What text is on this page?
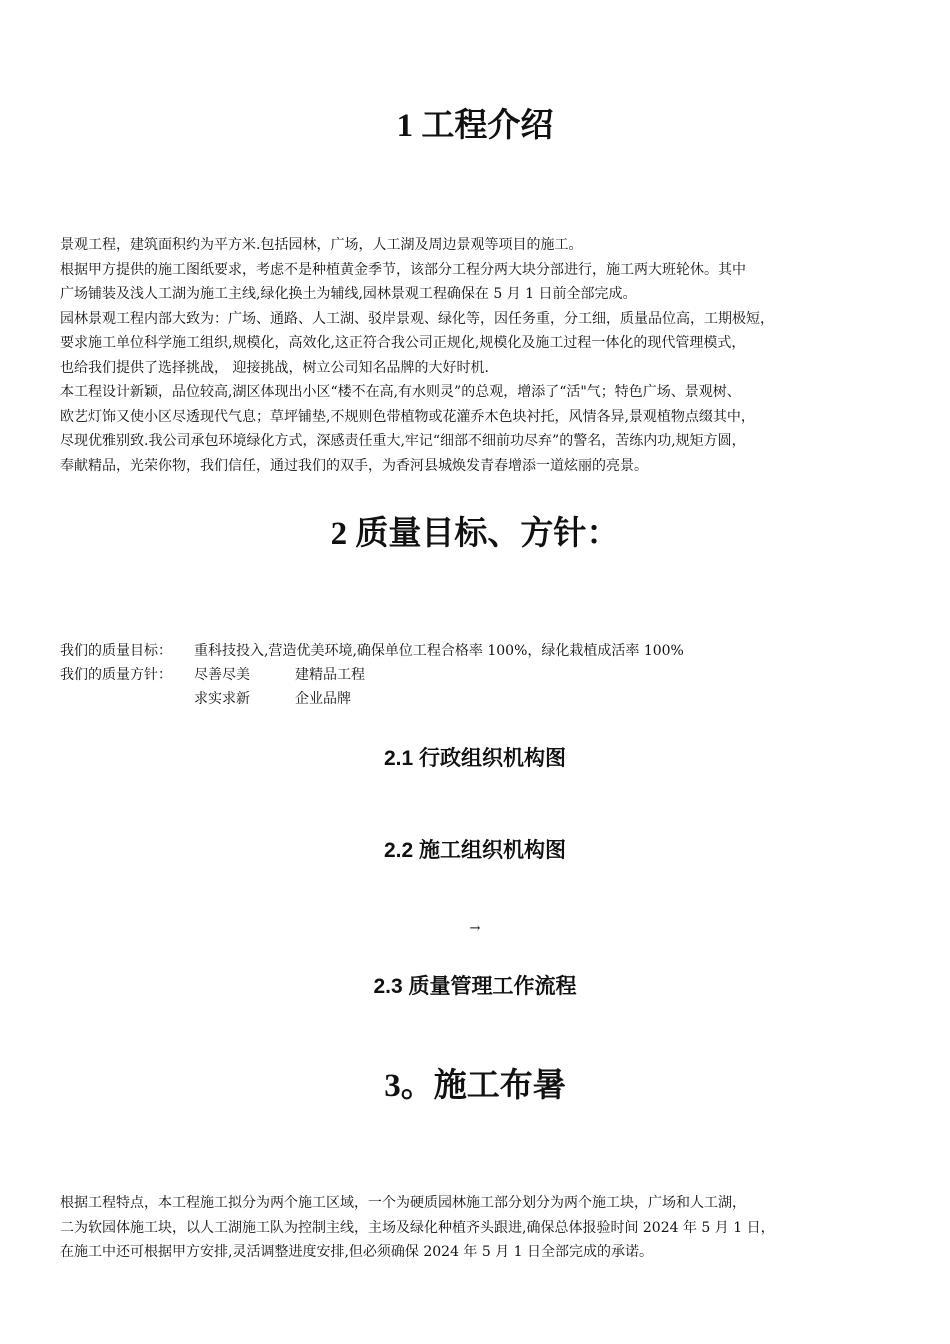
1 工程介绍
景观工程，建筑面积约为平方米.包括园林，广场，人工湖及周边景观等项目的施工。
根据甲方提供的施工图纸要求，考虑不是种植黄金季节，该部分工程分两大块分部进行，施工两大班轮休。其中
广场铺装及浅人工湖为施工主线,绿化换土为辅线,园林景观工程确保在 5 月 1 日前全部完成。
园林景观工程内部大致为：广场、通路、人工湖、驳岸景观、绿化等，因任务重，分工细，质量品位高，工期极短，
要求施工单位科学施工组织,规模化，高效化,这正符合我公司正规化,规模化及施工过程一体化的现代管理模式，
也给我们提供了选择挑战， 迎接挑战，树立公司知名品牌的大好时机.
本工程设计新颖，品位较高,湖区体现出小区“楼不在高,有水则灵”的总观，增添了“活"气；特色广场、景观树、
欧艺灯饰又使小区尽透现代气息；草坪铺垫,不规则色带植物或花灌乔木色块衬托，风情各异,景观植物点缀其中，
尽现优雅别致.我公司承包环境绿化方式，深感责任重大,牢记“细部不细前功尽弃”的警名，苦练内功,规矩方圆，
奉献精品，光荣你物，我们信任，通过我们的双手，为香河县城焕发青春增添一道炫丽的亮景。
2 质量目标、方针：
我们的质量目标： 重科技投入,营造优美环境,确保单位工程合格率 100%，绿化栽植成活率 100%
我们的质量方针： 尽善尽美	建精品工程
求实求新	企业品牌
2.1 行政组织机构图
2.2 施工组织机构图
→
2.3 质量管理工作流程
3。施工布暑
根据工程特点，本工程施工拟分为两个施工区域，一个为硬质园林施工部分划分为两个施工块，广场和人工湖，
二为软园体施工块，以人工湖施工队为控制主线，主场及绿化种植齐头跟进,确保总体报验时间 2024 年 5 月 1 日，
在施工中还可根据甲方安排,灵活调整进度安排,但必须确保 2024 年 5 月 1 日全部完成的承诺。
